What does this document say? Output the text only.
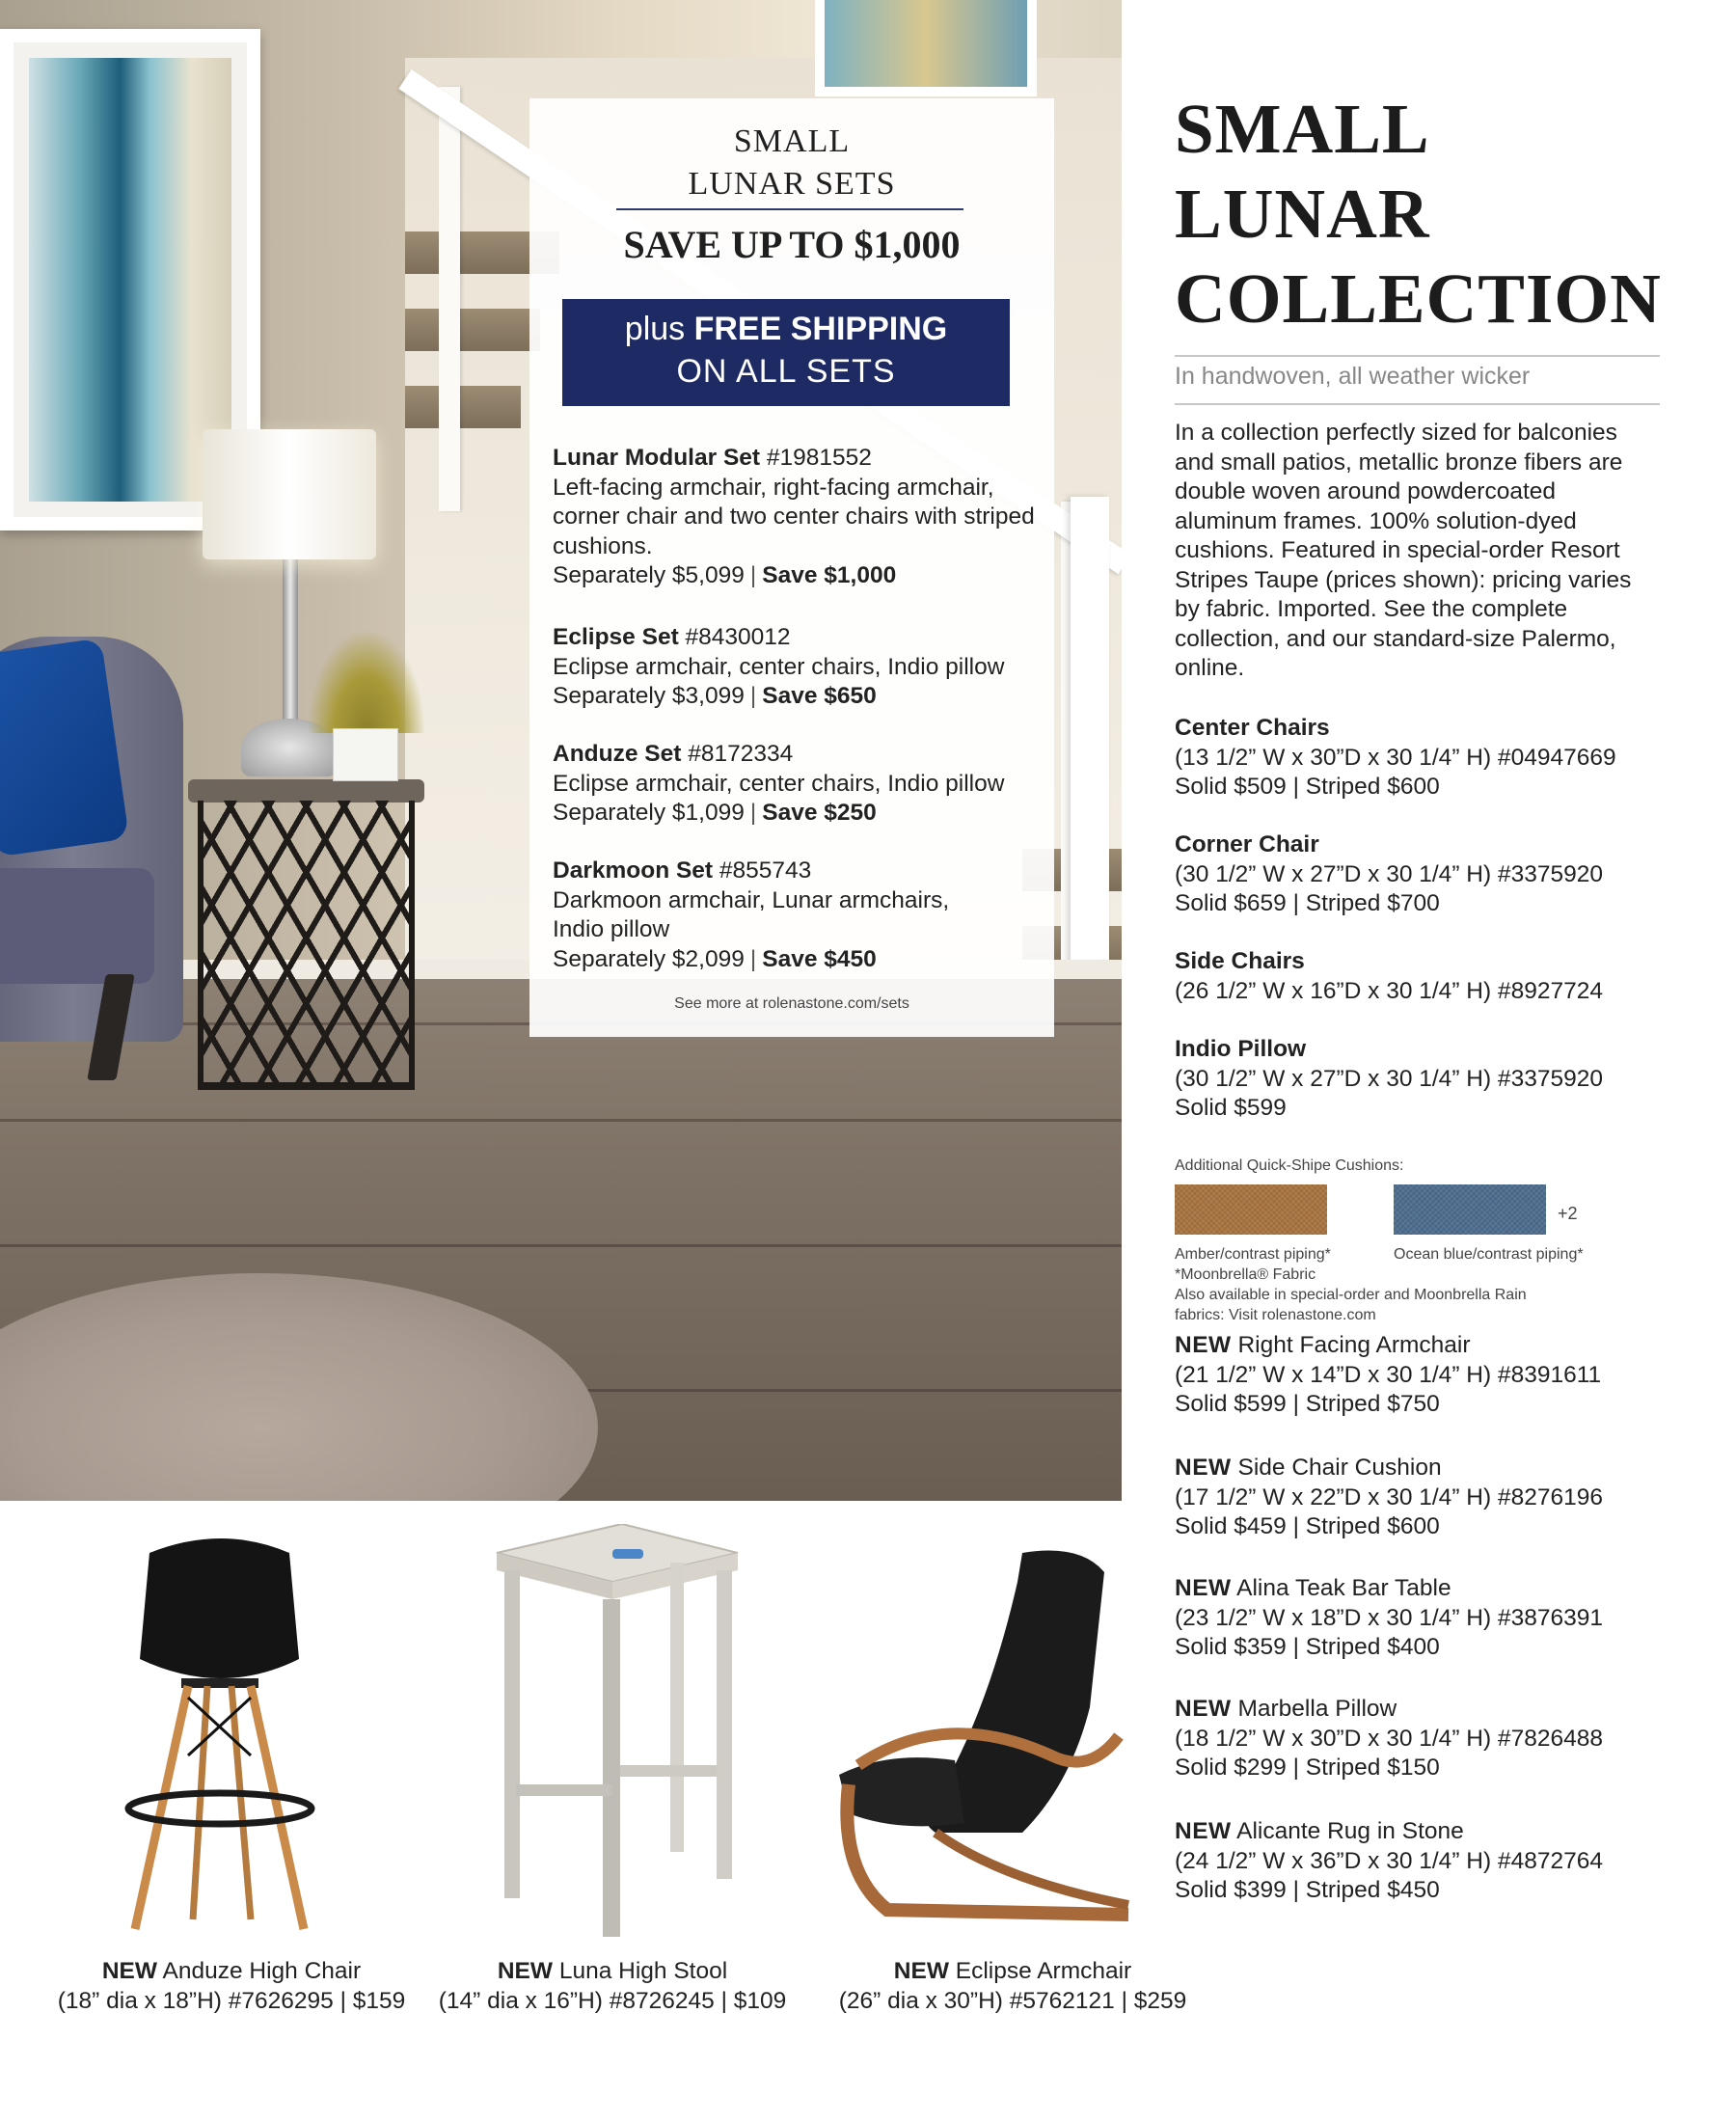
SMALL
LUNAR SETS
SAVE UP TO $1,000
plus FREE SHIPPING
ON ALL SETS
Lunar Modular Set #1981552
Left-facing armchair, right-facing armchair, corner chair and two center chairs with striped cushions.
Separately $5,099 | Save $1,000
Eclipse Set #8430012
Eclipse armchair, center chairs, Indio pillow
Separately $3,099 | Save $650
Anduze Set #8172334
Eclipse armchair, center chairs, Indio pillow
Separately $1,099 | Save $250
Darkmoon Set #855743
Darkmoon armchair, Lunar armchairs, Indio pillow
Separately $2,099 | Save $450
See more at rolenastone.com/sets
SMALL
LUNAR
COLLECTION
In handwoven, all weather wicker
In a collection perfectly sized for balconies and small patios, metallic bronze fibers are double woven around powdercoated aluminum frames. 100% solution-dyed cushions. Featured in special-order Resort Stripes Taupe (prices shown): pricing varies by fabric. Imported. See the complete collection, and our standard-size Palermo, online.
Center Chairs
(13 1/2” W x 30”D x 30 1/4” H) #04947669
Solid $509 | Striped $600
Corner Chair
(30 1/2” W x 27”D x 30 1/4” H) #3375920
Solid $659 | Striped $700
Side Chairs
(26 1/2” W x 16”D x 30 1/4” H) #8927724
Indio Pillow
(30 1/2” W x 27”D x 30 1/4” H) #3375920
Solid $599
Additional Quick-Shipe Cushions:
+2
Amber/contrast piping*	Ocean blue/contrast piping*
*Moonbrella® Fabric
Also available in special-order and Moonbrella Rain
fabrics: Visit rolenastone.com
NEW Right Facing Armchair
(21 1/2” W x 14”D x 30 1/4” H) #8391611
Solid $599 | Striped $750
NEW Side Chair Cushion
(17 1/2” W x 22”D x 30 1/4” H) #8276196
Solid $459 | Striped $600
NEW Alina Teak Bar Table
(23 1/2” W x 18”D x 30 1/4” H) #3876391
Solid $359 | Striped $400
NEW Marbella Pillow
(18 1/2” W x 30”D x 30 1/4” H) #7826488
Solid $299 | Striped $150
NEW Alicante Rug in Stone
(24 1/2” W x 36”D x 30 1/4” H) #4872764
Solid $399 | Striped $450
NEW Anduze High Chair
(18” dia x 18”H) #7626295 | $159
NEW Luna High Stool
(14” dia x 16”H) #8726245 | $109
NEW Eclipse Armchair
(26” dia x 30”H) #5762121 | $259
